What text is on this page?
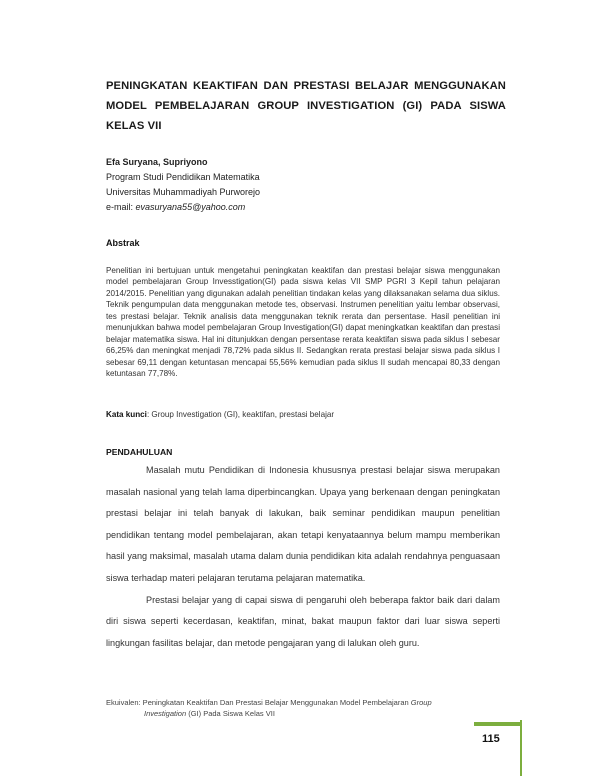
PENINGKATAN KEAKTIFAN DAN PRESTASI BELAJAR MENGGUNAKAN MODEL PEMBELAJARAN GROUP INVESTIGATION (GI) PADA SISWA KELAS VII
Efa Suryana, Supriyono
Program Studi Pendidikan Matematika
Universitas Muhammadiyah Purworejo
e-mail: evasuryana55@yahoo.com
Abstrak
Penelitian ini bertujuan untuk mengetahui peningkatan keaktifan dan prestasi belajar siswa menggunakan model pembelajaran Group Invesstigation(GI) pada siswa kelas VII SMP PGRI 3 Kepil tahun pelajaran 2014/2015. Penelitian yang digunakan adalah penelitian tindakan kelas yang dilaksanakan selama dua siklus. Teknik pengumpulan data menggunakan metode tes, observasi. Instrumen penelitian yaitu lembar observasi, tes prestasi belajar. Teknik analisis data menggunakan teknik rerata dan persentase. Hasil penelitian ini menunjukkan bahwa model pembelajaran Group Investigation(GI) dapat meningkatkan keaktifan dan prestasi belajar matematika siswa. Hal ini ditunjukkan dengan persentase rerata keaktifan siswa pada siklus I sebesar 66,25% dan meningkat menjadi 78,72% pada siklus II. Sedangkan rerata prestasi belajar siswa pada siklus I sebesar 69,11 dengan ketuntasan mencapai 55,56% kemudian pada siklus II sudah mencapai 80,33 dengan ketuntasan 77,78%.
Kata kunci: Group Investigation (GI), keaktifan, prestasi belajar
PENDAHULUAN

Masalah mutu Pendidikan di Indonesia khususnya prestasi belajar siswa merupakan masalah nasional yang telah lama diperbincangkan. Upaya yang berkenaan dengan peningkatan prestasi belajar ini telah banyak di lakukan, baik seminar pendidikan maupun penelitian pendidikan tentang model pembelajaran, akan tetapi kenyataannya belum mampu memberikan hasil yang maksimal, masalah utama dalam dunia pendidikan kita adalah rendahnya penguasaan siswa terhadap materi pelajaran terutama pelajaran matematika.

Prestasi belajar yang di capai siswa di pengaruhi oleh beberapa faktor baik dari dalam diri siswa seperti kecerdasan, keaktifan, minat, bakat maupun faktor dari luar siswa seperti lingkungan fasilitas belajar, dan metode pengajaran yang di lalukan oleh guru.

Ekuivalen: Peningkatan Keaktifan Dan Prestasi Belajar Menggunakan Model Pembelajaran Group
Investigation (GI) Pada Siswa Kelas VII
115
